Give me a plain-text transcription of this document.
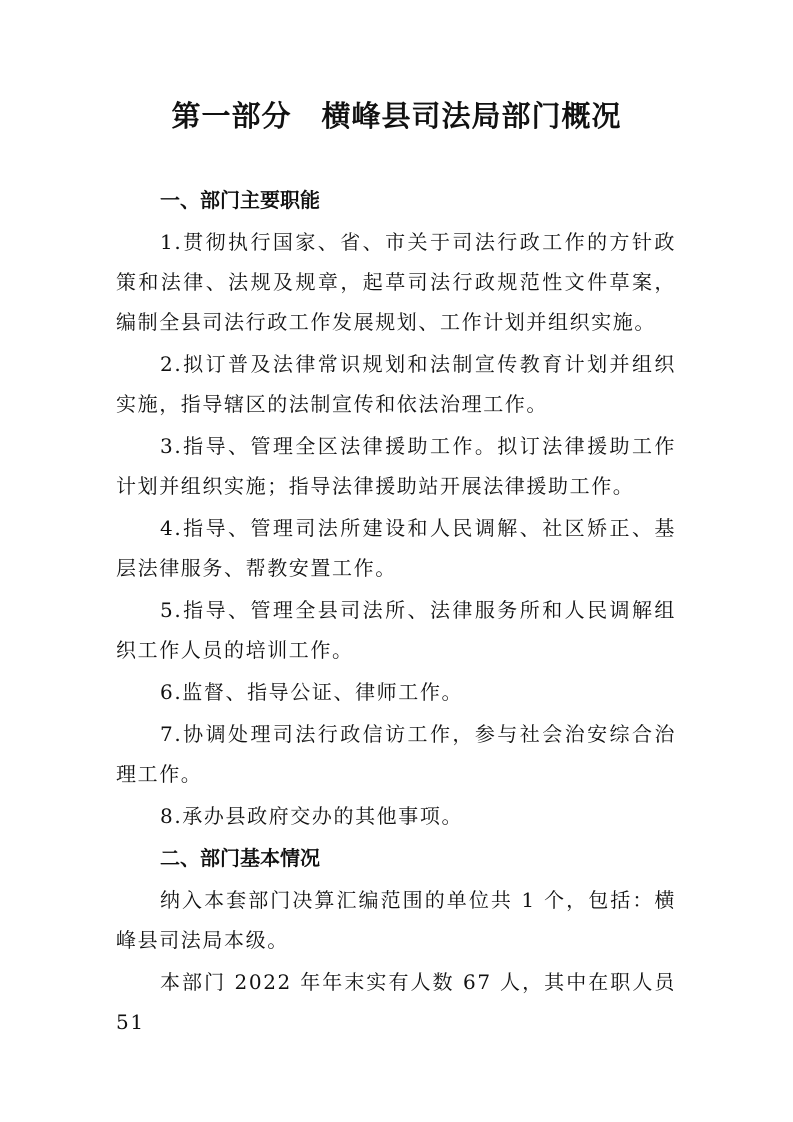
第一部分　横峰县司法局部门概况

一、部门主要职能

1.贯彻执行国家、省、市关于司法行政工作的方针政策和法律、法规及规章，起草司法行政规范性文件草案，编制全县司法行政工作发展规划、工作计划并组织实施。

2.拟订普及法律常识规划和法制宣传教育计划并组织实施，指导辖区的法制宣传和依法治理工作。

3.指导、管理全区法律援助工作。拟订法律援助工作计划并组织实施；指导法律援助站开展法律援助工作。

4.指导、管理司法所建设和人民调解、社区矫正、基层法律服务、帮教安置工作。

5.指导、管理全县司法所、法律服务所和人民调解组织工作人员的培训工作。

6.监督、指导公证、律师工作。

7.协调处理司法行政信访工作，参与社会治安综合治理工作。

8.承办县政府交办的其他事项。

二、部门基本情况

纳入本套部门决算汇编范围的单位共 1 个，包括：横峰县司法局本级。

本部门 2022 年年末实有人数 67 人，其中在职人员 51
